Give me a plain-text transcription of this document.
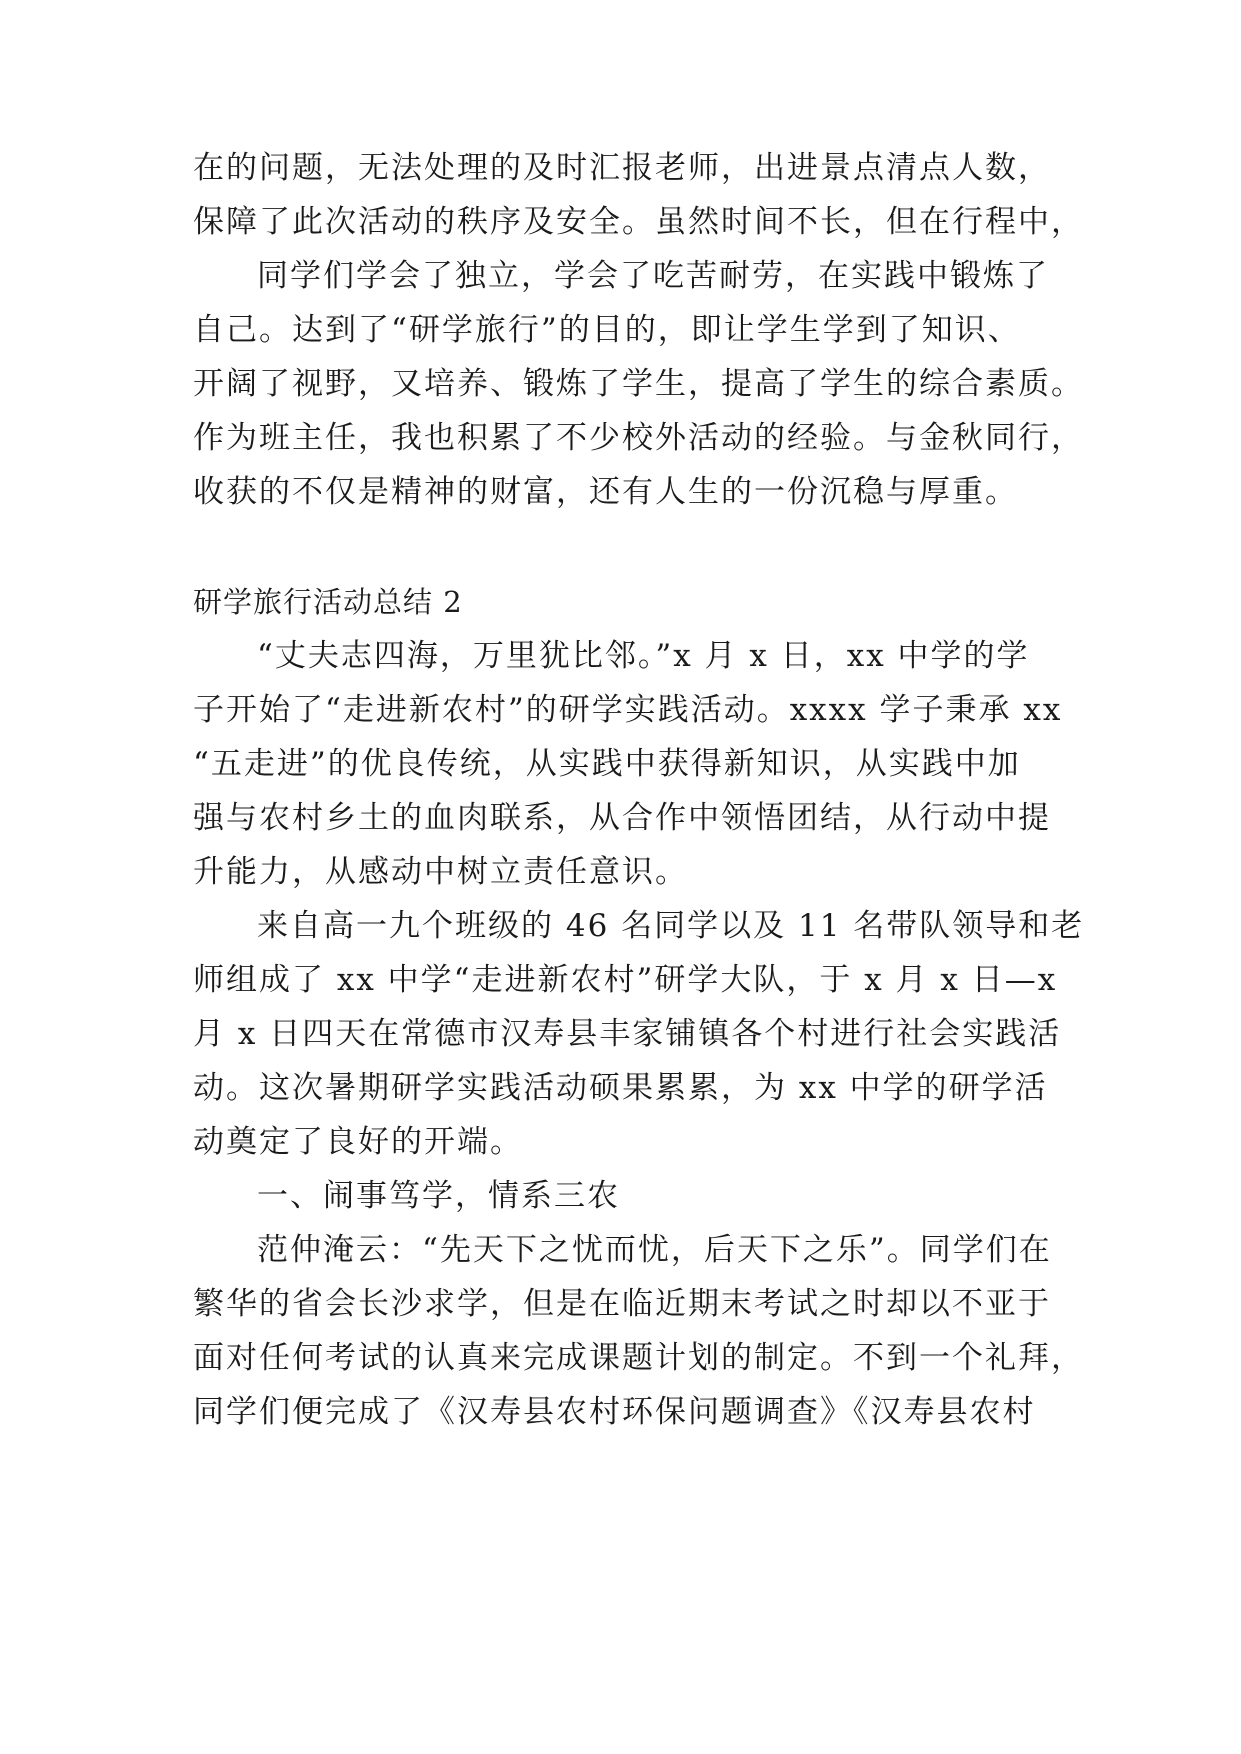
在的问题，无法处理的及时汇报老师，出进景点清点人数，
保障了此次活动的秩序及安全。虽然时间不长，但在行程中，
同学们学会了独立，学会了吃苦耐劳，在实践中锻炼了
自己。达到了“研学旅行”的目的，即让学生学到了知识、
开阔了视野，又培养、锻炼了学生，提高了学生的综合素质。
作为班主任，我也积累了不少校外活动的经验。与金秋同行，
收获的不仅是精神的财富，还有人生的一份沉稳与厚重。
研学旅行活动总结 2
“丈夫志四海，万里犹比邻。”x 月 x 日，xx 中学的学
子开始了“走进新农村”的研学实践活动。xxxx 学子秉承 xx
“五走进”的优良传统，从实践中获得新知识，从实践中加
强与农村乡土的血肉联系，从合作中领悟团结，从行动中提
升能力，从感动中树立责任意识。
来自高一九个班级的 46 名同学以及 11 名带队领导和老
师组成了 xx 中学“走进新农村”研学大队，于 x 月 x 日—x
月 x 日四天在常德市汉寿县丰家铺镇各个村进行社会实践活
动。这次暑期研学实践活动硕果累累，为 xx 中学的研学活
动奠定了良好的开端。
一、闹事笃学，情系三农
范仲淹云：“先天下之忧而忧，后天下之乐”。同学们在
繁华的省会长沙求学，但是在临近期末考试之时却以不亚于
面对任何考试的认真来完成课题计划的制定。不到一个礼拜，
同学们便完成了《汉寿县农村环保问题调查》《汉寿县农村
